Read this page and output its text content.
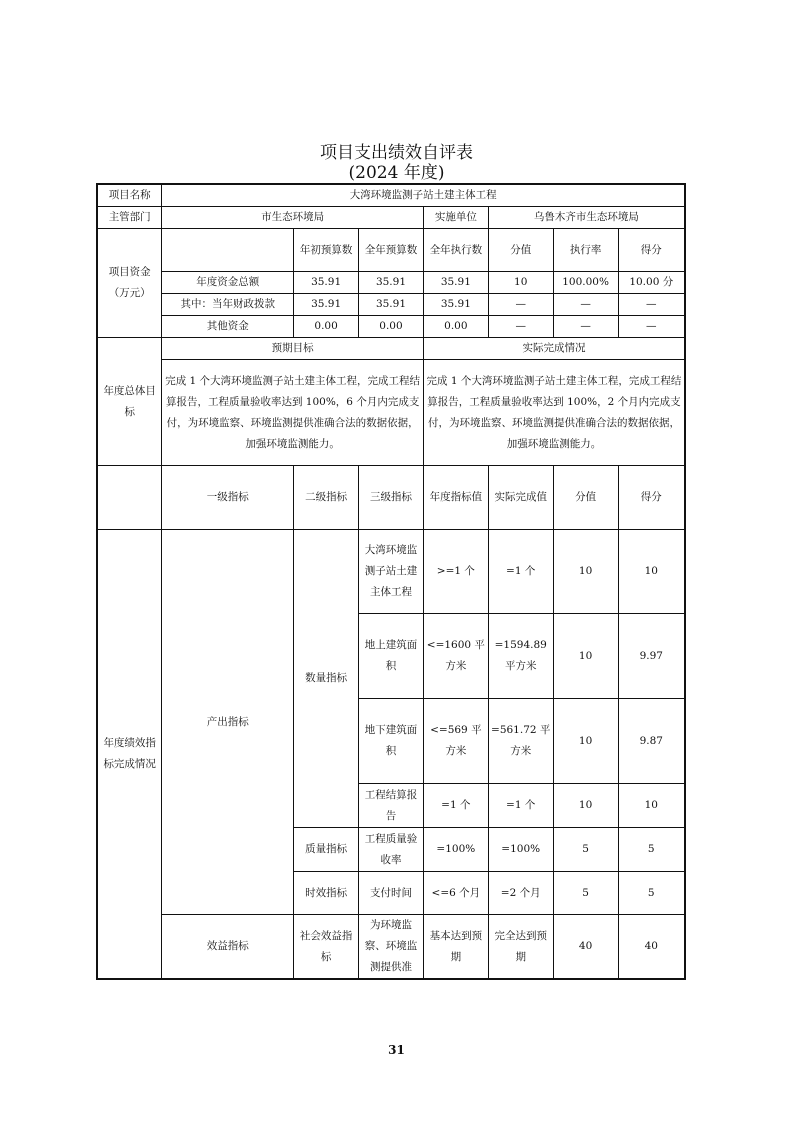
项目支出绩效自评表
(2024 年度)
项目名称	大湾环境监测子站土建主体工程						
主管部门	市生态环境局			实施单位	乌鲁木齐市生态环境局		
项目资金（万元）		年初预算数	全年预算数	全年执行数	分值	执行率	得分
	年度资金总额	35.91	35.91	35.91	10	100.00%	10.00 分
	其中：当年财政拨款	35.91	35.91	35.91	—	—	—
	其他资金	0.00	0.00	0.00	—	—	—
年度总体目标	预期目标			实际完成情况			
	完成 1 个大湾环境监测子站土建主体工程，完成工程结算报告，工程质量验收率达到 100%，6 个月内完成支付，为环境监察、环境监测提供准确合法的数据依据，加强环境监测能力。			完成 1 个大湾环境监测子站土建主体工程，完成工程结算报告，工程质量验收率达到 100%，2 个月内完成支付，为环境监察、环境监测提供准确合法的数据依据，加强环境监测能力。			
	一级指标	二级指标	三级指标	年度指标值	实际完成值	分值	得分
年度绩效指标完成情况	产出指标	数量指标	大湾环境监测子站土建主体工程	>=1 个	=1 个	10	10
			地上建筑面积	<=1600 平方米	=1594.89 平方米	10	9.97
			地下建筑面积	<=569 平方米	=561.72 平方米	10	9.87
			工程结算报告	=1 个	=1 个	10	10
		质量指标	工程质量验收率	=100%	=100%	5	5
		时效指标	支付时间	<=6 个月	=2 个月	5	5
	效益指标	社会效益指标	为环境监察、环境监测提供准	基本达到预期	完全达到预期	40	40
31
